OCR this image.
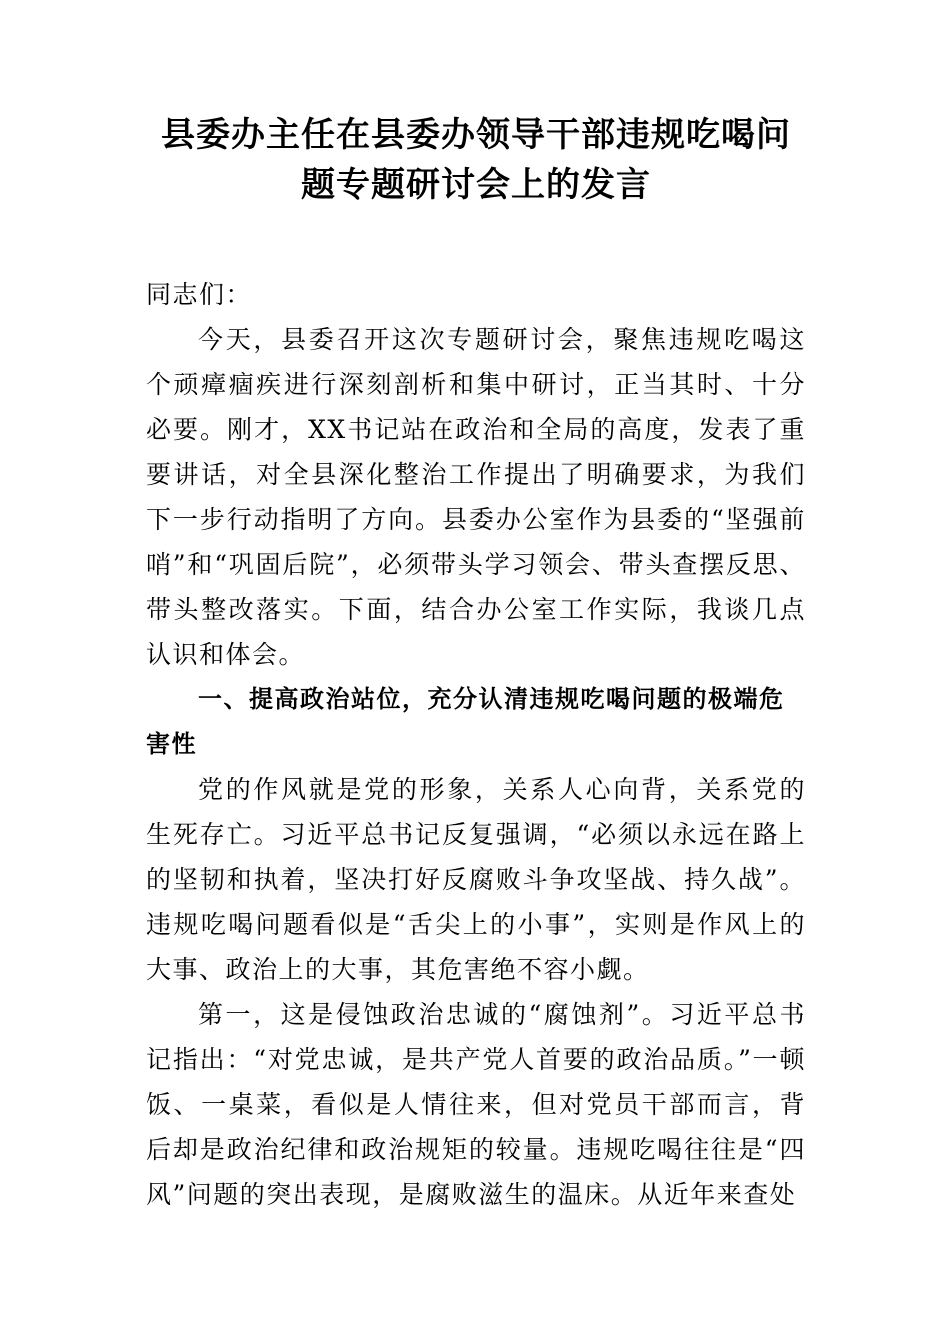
县委办主任在县委办领导干部违规吃喝问
题专题研讨会上的发言

同志们：

今天，县委召开这次专题研讨会，聚焦违规吃喝这个顽瘴痼疾进行深刻剖析和集中研讨，正当其时、十分必要。刚才，XX书记站在政治和全局的高度，发表了重要讲话，对全县深化整治工作提出了明确要求，为我们下一步行动指明了方向。县委办公室作为县委的“坚强前哨”和“巩固后院”，必须带头学习领会、带头查摆反思、带头整改落实。下面，结合办公室工作实际，我谈几点认识和体会。

一、提高政治站位，充分认清违规吃喝问题的极端危害性

党的作风就是党的形象，关系人心向背，关系党的生死存亡。习近平总书记反复强调，“必须以永远在路上的坚韧和执着，坚决打好反腐败斗争攻坚战、持久战”。违规吃喝问题看似是“舌尖上的小事”，实则是作风上的大事、政治上的大事，其危害绝不容小觑。

第一，这是侵蚀政治忠诚的“腐蚀剂”。习近平总书记指出：“对党忠诚，是共产党人首要的政治品质。”一顿饭、一桌菜，看似是人情往来，但对党员干部而言，背后却是政治纪律和政治规矩的较量。违规吃喝往往是“四风”问题的突出表现，是腐败滋生的温床。从近年来查处
